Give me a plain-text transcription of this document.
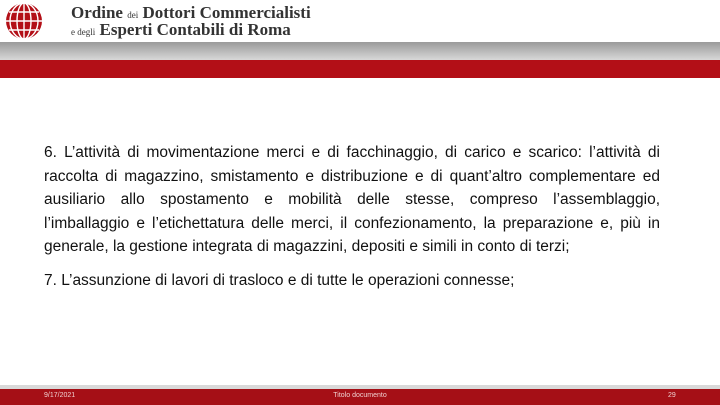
Ordine dei Dottori Commercialisti
e degli Esperti Contabili di Roma

6. L’attività di movimentazione merci e di facchinaggio, di carico e scarico: l’attività di raccolta di magazzino, smistamento e distribuzione e di quant’altro complementare ed ausiliario allo spostamento e mobilità delle stesse, compreso l’assemblaggio, l’imballaggio e l’etichettatura delle merci, il confezionamento, la preparazione e, più in generale, la gestione integrata di magazzini, depositi e simili in conto di terzi;

7. L’assunzione di lavori di trasloco e di tutte le operazioni connesse;

9/17/2021	Titolo documento	29
